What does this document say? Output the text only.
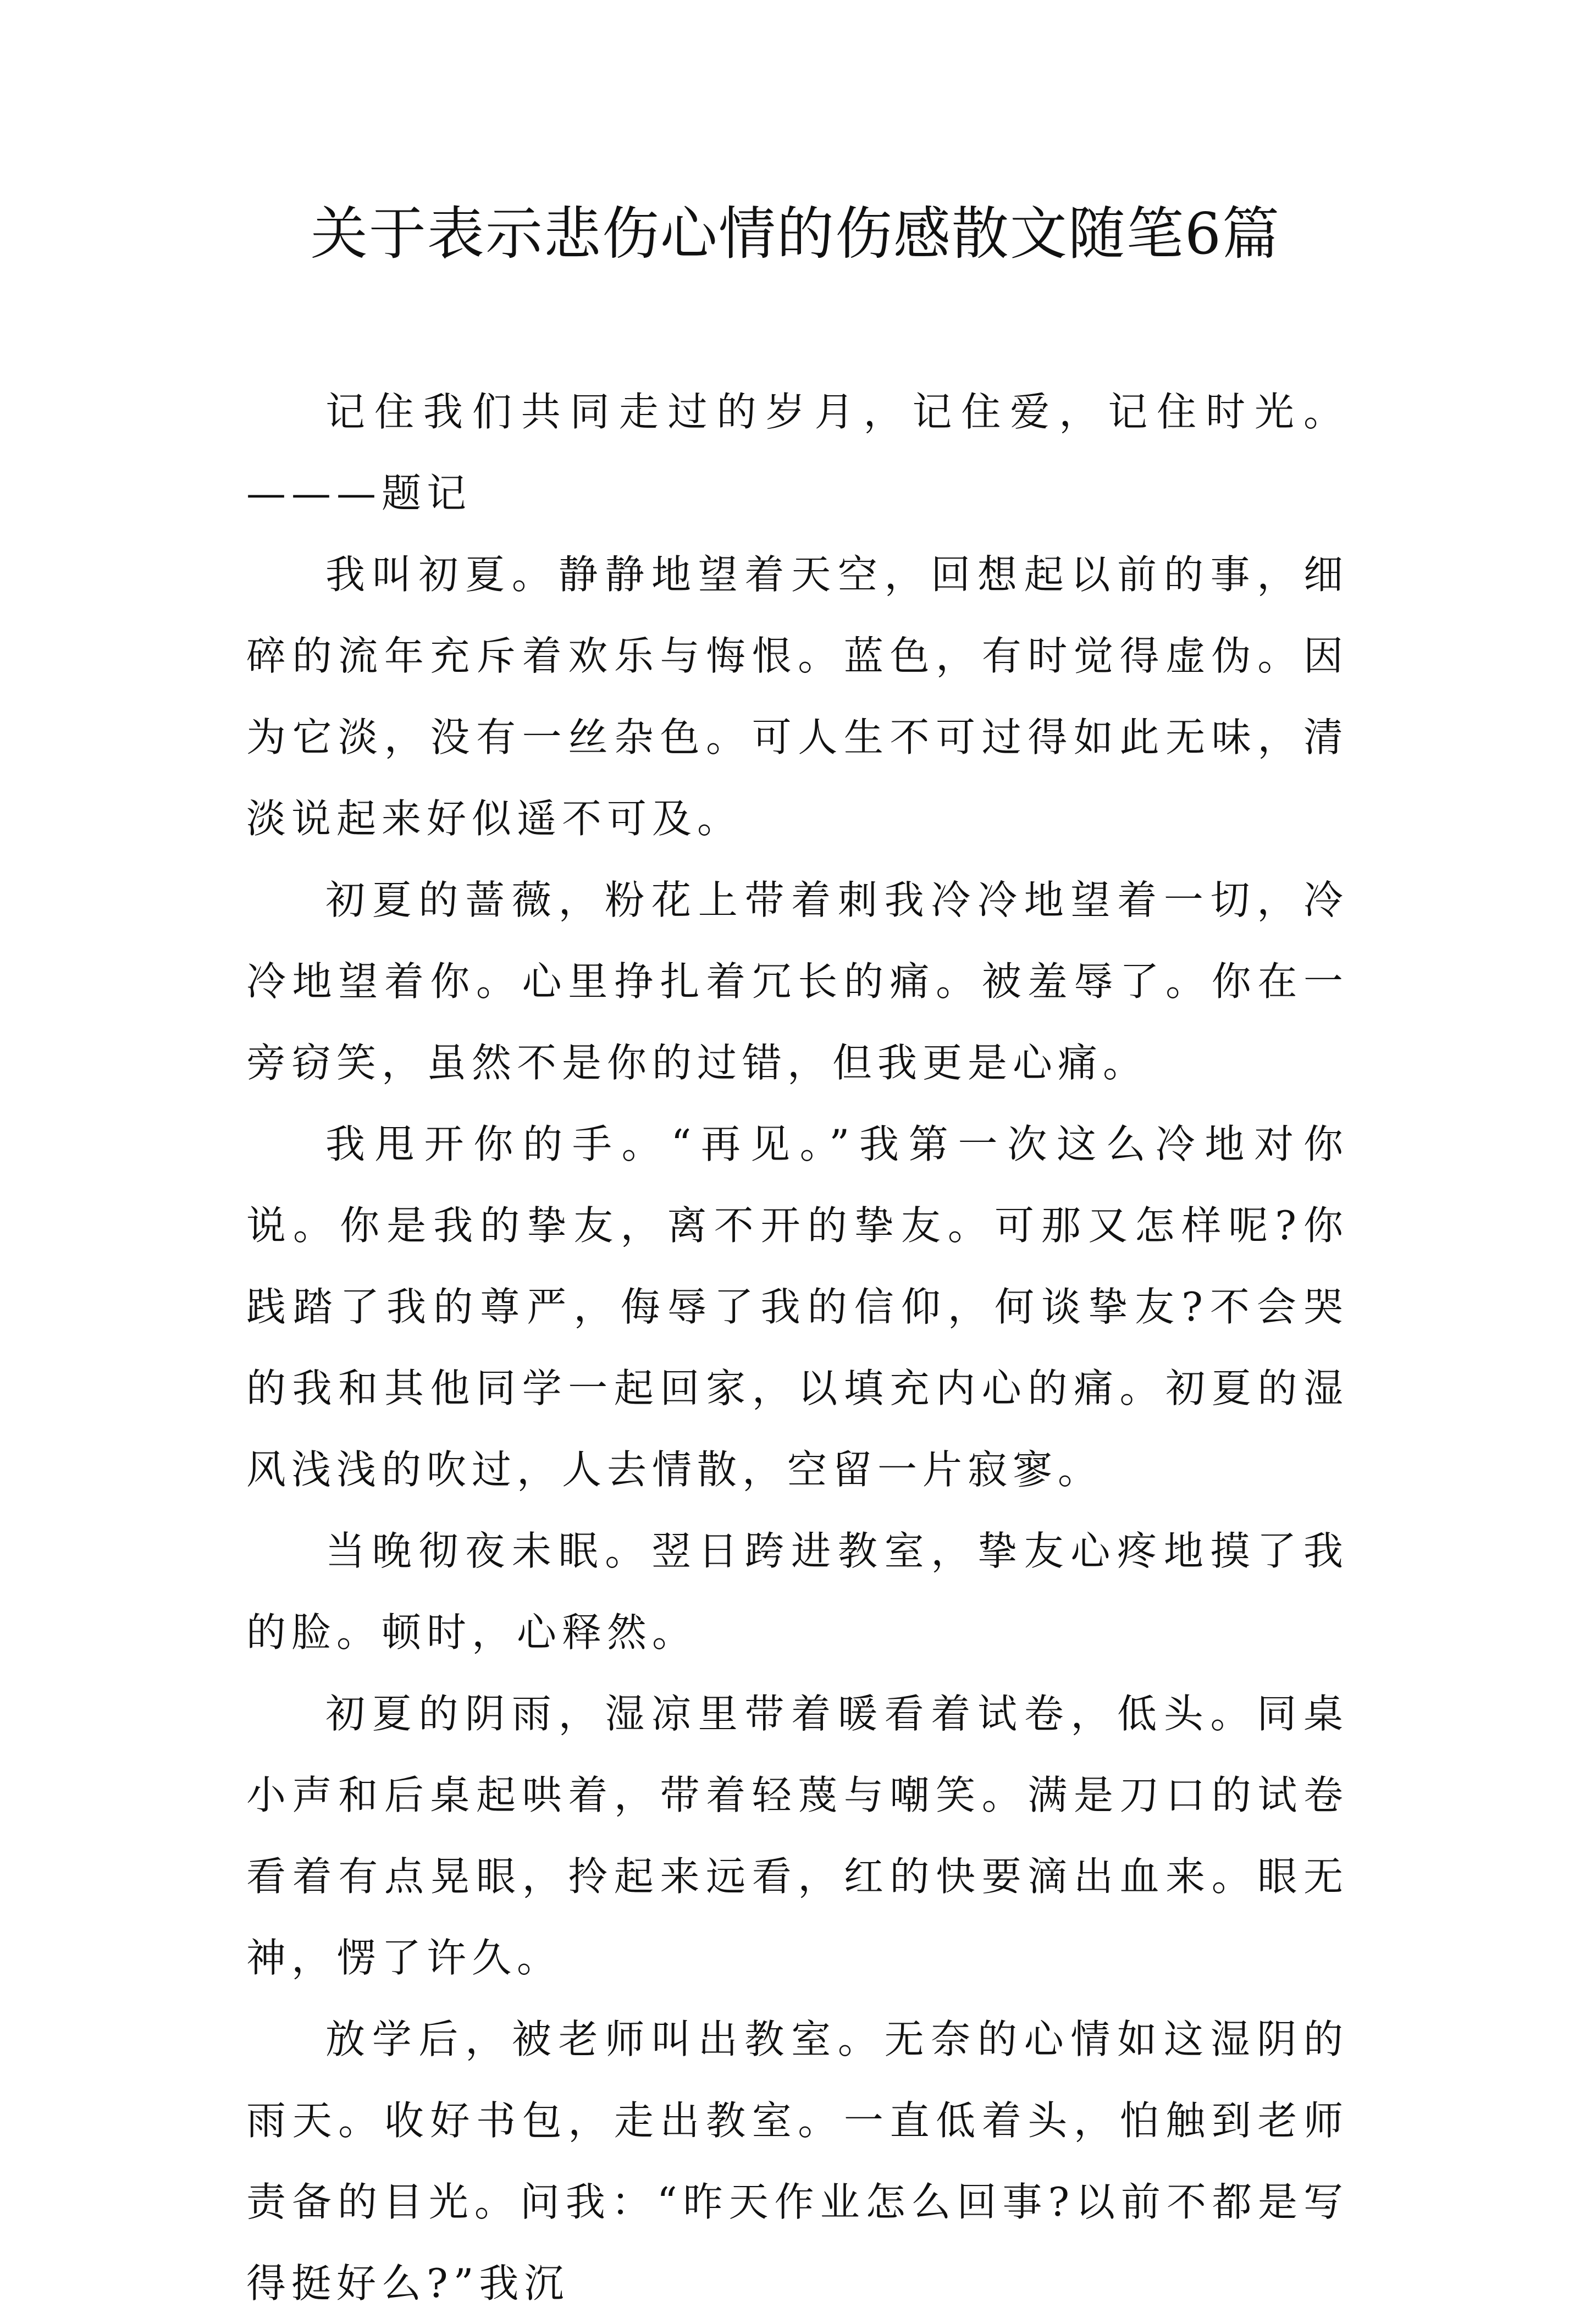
关于表示悲伤心情的伤感散文随笔6篇

记住我们共同走过的岁月，记住爱，记住时光。———题记

我叫初夏。静静地望着天空，回想起以前的事，细碎的流年充斥着欢乐与悔恨。蓝色，有时觉得虚伪。因为它淡，没有一丝杂色。可人生不可过得如此无味，清淡说起来好似遥不可及。

初夏的蔷薇，粉花上带着刺我冷冷地望着一切，冷冷地望着你。心里挣扎着冗长的痛。被羞辱了。你在一旁窃笑，虽然不是你的过错，但我更是心痛。

我甩开你的手。“再见。”我第一次这么冷地对你说。你是我的挚友，离不开的挚友。可那又怎样呢?你践踏了我的尊严，侮辱了我的信仰，何谈挚友?不会哭的我和其他同学一起回家，以填充内心的痛。初夏的湿风浅浅的吹过，人去情散，空留一片寂寥。

当晚彻夜未眠。翌日跨进教室，挚友心疼地摸了我的脸。顿时，心释然。

初夏的阴雨，湿凉里带着暖看着试卷，低头。同桌小声和后桌起哄着，带着轻蔑与嘲笑。满是刀口的试卷看着有点晃眼，拎起来远看，红的快要滴出血来。眼无神，愣了许久。

放学后，被老师叫出教室。无奈的心情如这湿阴的雨天。收好书包，走出教室。一直低着头，怕触到老师责备的目光。问我：“昨天作业怎么回事?以前不都是写得挺好么?”我沉
